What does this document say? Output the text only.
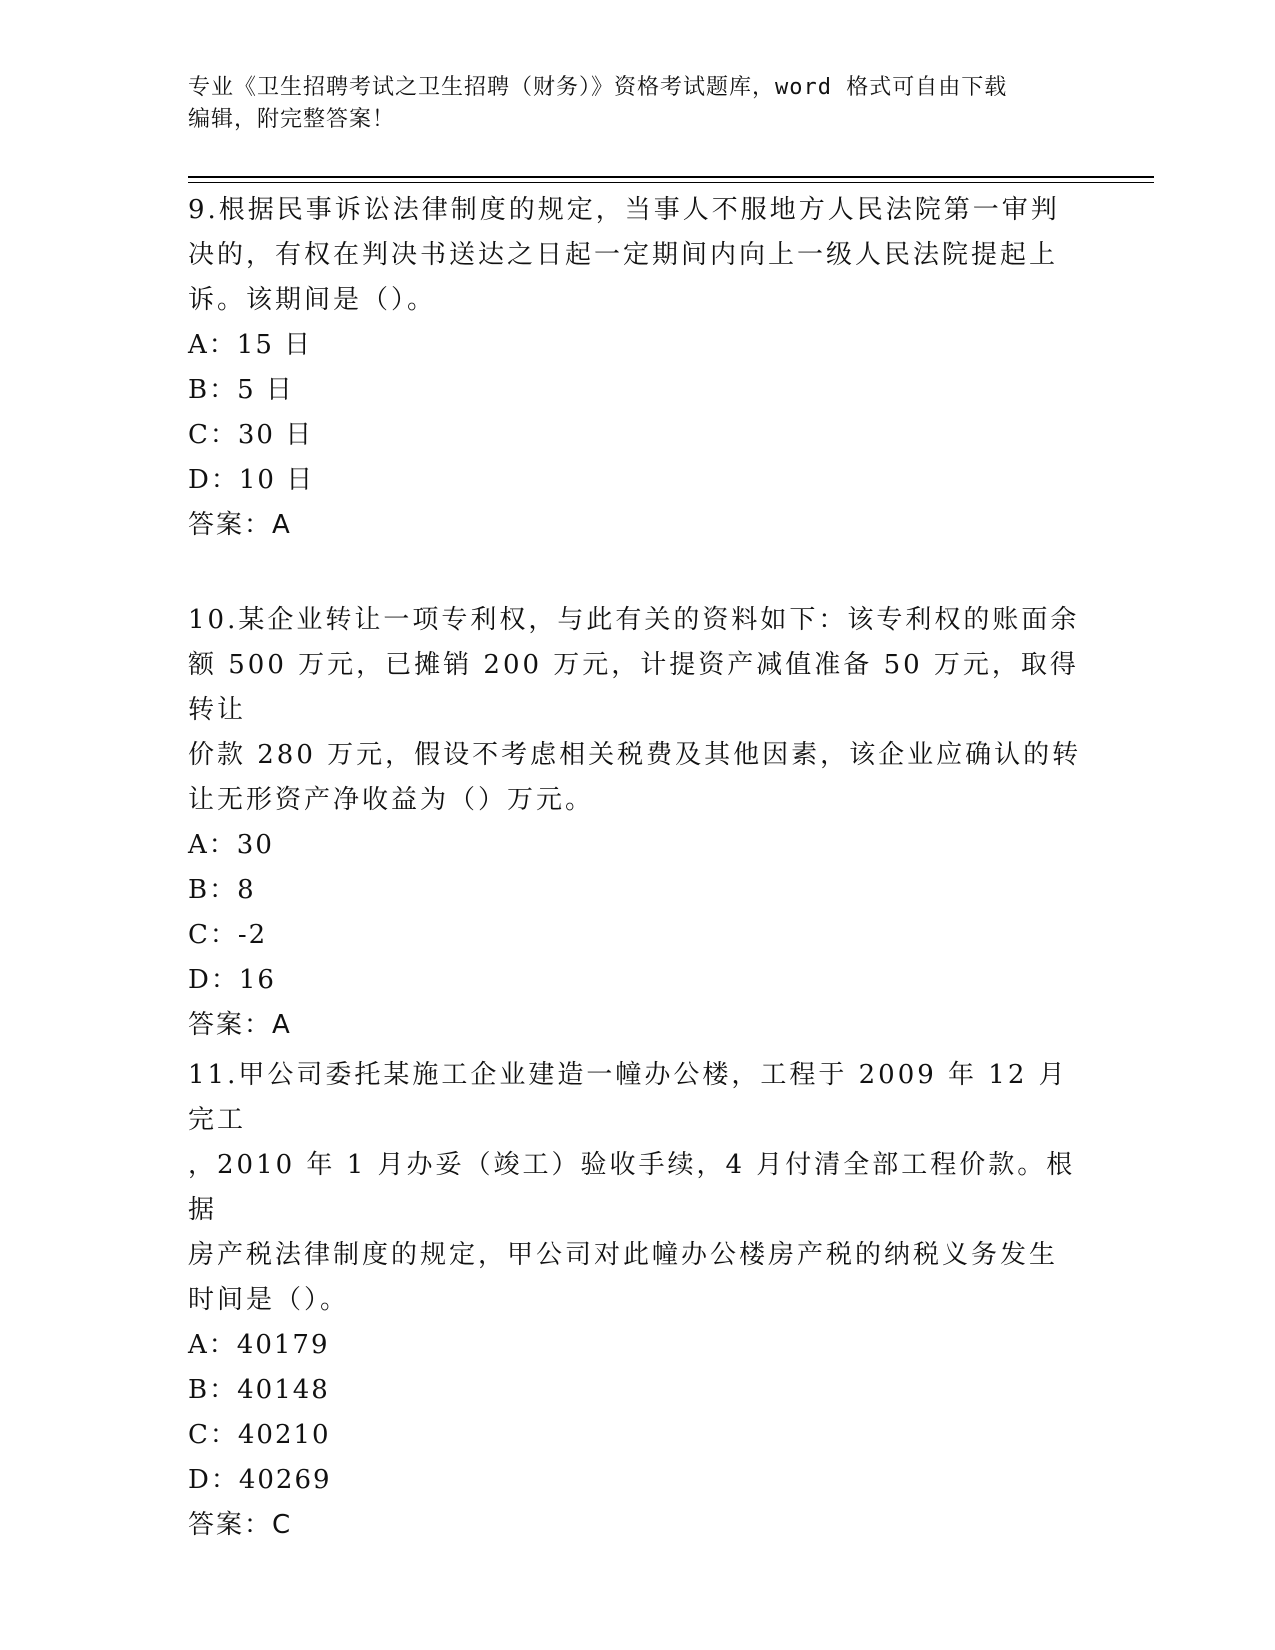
专业《卫生招聘考试之卫生招聘（财务）》资格考试题库，word 格式可自由下载
编辑，附完整答案！

9.根据民事诉讼法律制度的规定，当事人不服地方人民法院第一审判

决的，有权在判决书送达之日起一定期间内向上一级人民法院提起上

诉。该期间是（）。

A：15 日

B：5 日

C：30 日

D：10 日

答案：A

10.某企业转让一项专利权，与此有关的资料如下：该专利权的账面余

额 500 万元，已摊销 200 万元，计提资产减值准备 50 万元，取得转让

价款 280 万元，假设不考虑相关税费及其他因素，该企业应确认的转

让无形资产净收益为（）万元。

A：30

B：8

C：-2

D：16

答案：A

11.甲公司委托某施工企业建造一幢办公楼，工程于 2009 年 12 月完工

，2010 年 1 月办妥（竣工）验收手续，4 月付清全部工程价款。根据

房产税法律制度的规定，甲公司对此幢办公楼房产税的纳税义务发生

时间是（）。

A：40179

B：40148

C：40210

D：40269

答案：C
